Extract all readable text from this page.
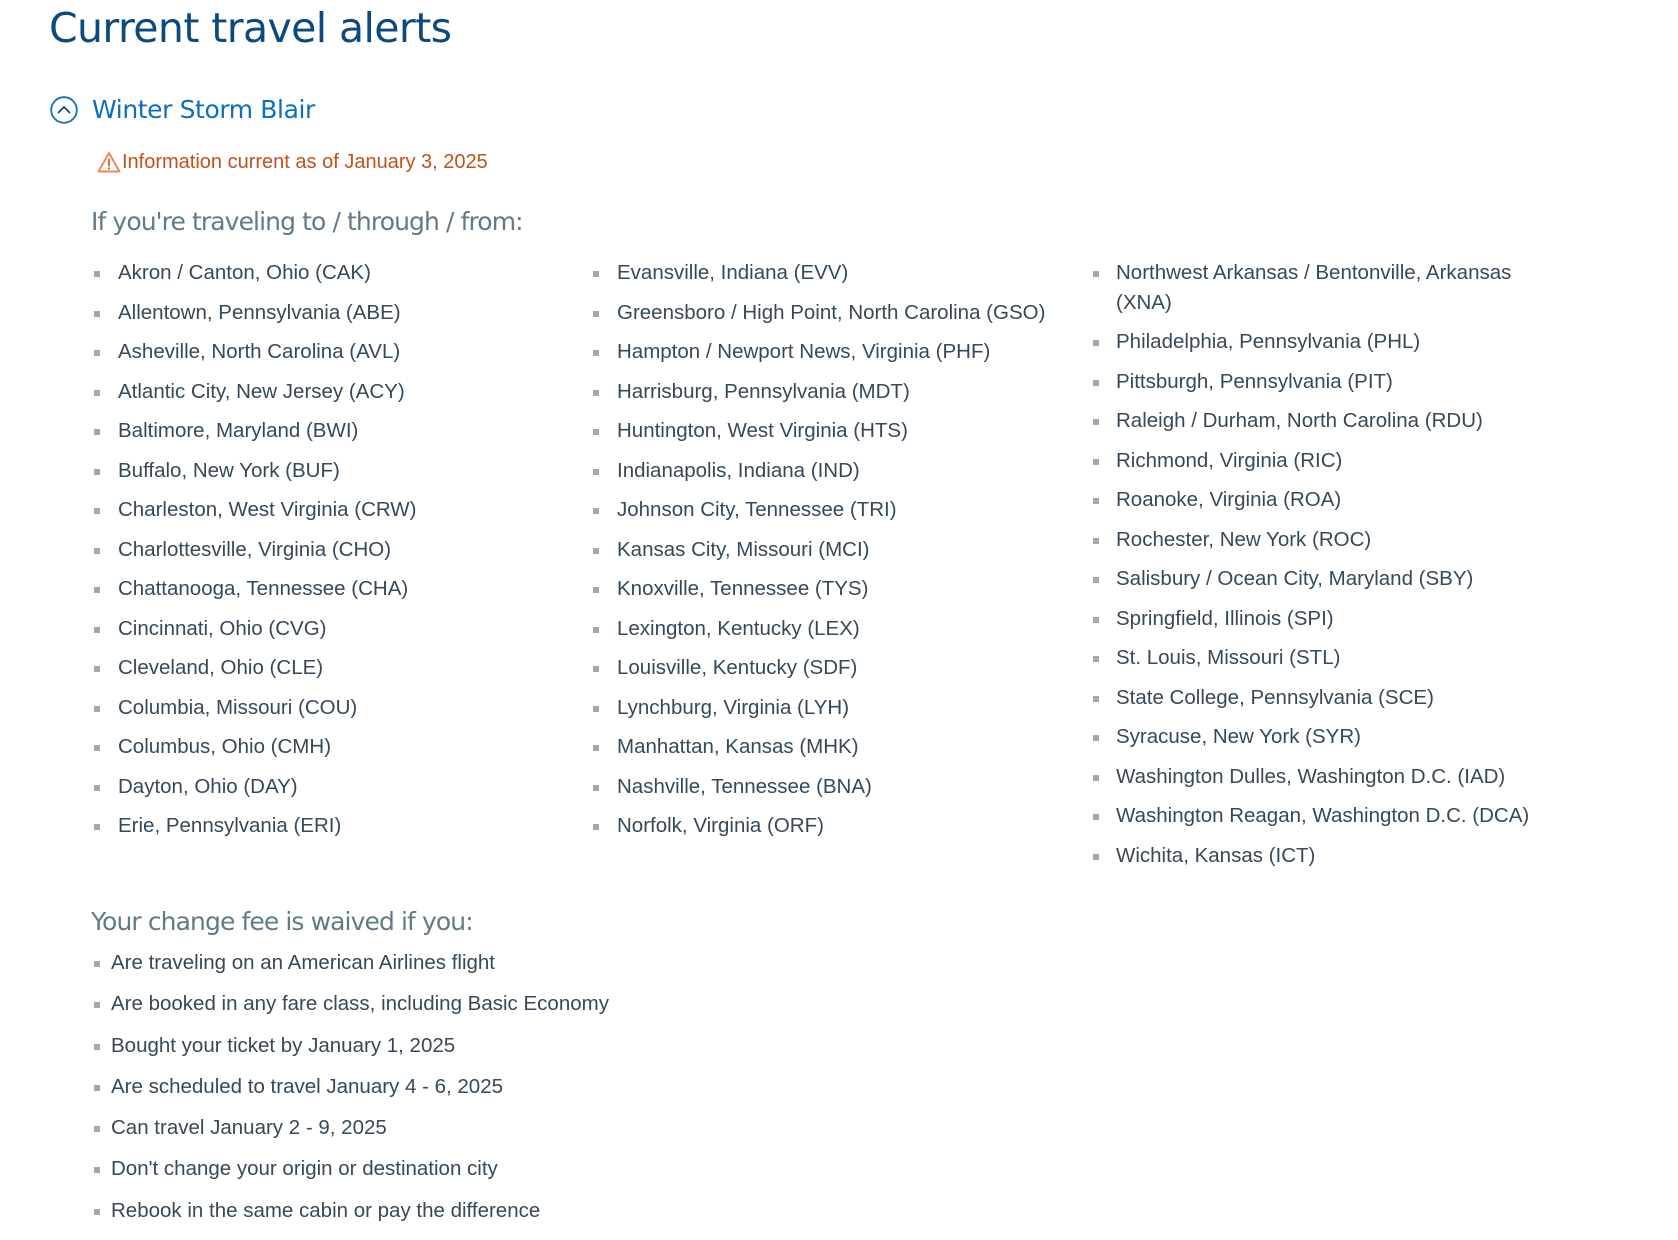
Current travel alerts
Winter Storm Blair
Information current as of January 3, 2025
If you're traveling to / through / from:
Akron / Canton, Ohio (CAK)
Allentown, Pennsylvania (ABE)
Asheville, North Carolina (AVL)
Atlantic City, New Jersey (ACY)
Baltimore, Maryland (BWI)
Buffalo, New York (BUF)
Charleston, West Virginia (CRW)
Charlottesville, Virginia (CHO)
Chattanooga, Tennessee (CHA)
Cincinnati, Ohio (CVG)
Cleveland, Ohio (CLE)
Columbia, Missouri (COU)
Columbus, Ohio (CMH)
Dayton, Ohio (DAY)
Erie, Pennsylvania (ERI)
Evansville, Indiana (EVV)
Greensboro / High Point, North Carolina (GSO)
Hampton / Newport News, Virginia (PHF)
Harrisburg, Pennsylvania (MDT)
Huntington, West Virginia (HTS)
Indianapolis, Indiana (IND)
Johnson City, Tennessee (TRI)
Kansas City, Missouri (MCI)
Knoxville, Tennessee (TYS)
Lexington, Kentucky (LEX)
Louisville, Kentucky (SDF)
Lynchburg, Virginia (LYH)
Manhattan, Kansas (MHK)
Nashville, Tennessee (BNA)
Norfolk, Virginia (ORF)
Northwest Arkansas / Bentonville, Arkansas (XNA)
Philadelphia, Pennsylvania (PHL)
Pittsburgh, Pennsylvania (PIT)
Raleigh / Durham, North Carolina (RDU)
Richmond, Virginia (RIC)
Roanoke, Virginia (ROA)
Rochester, New York (ROC)
Salisbury / Ocean City, Maryland (SBY)
Springfield, Illinois (SPI)
St. Louis, Missouri (STL)
State College, Pennsylvania (SCE)
Syracuse, New York (SYR)
Washington Dulles, Washington D.C. (IAD)
Washington Reagan, Washington D.C. (DCA)
Wichita, Kansas (ICT)
Your change fee is waived if you:
Are traveling on an American Airlines flight
Are booked in any fare class, including Basic Economy
Bought your ticket by January 1, 2025
Are scheduled to travel January 4 - 6, 2025
Can travel January 2 - 9, 2025
Don't change your origin or destination city
Rebook in the same cabin or pay the difference
